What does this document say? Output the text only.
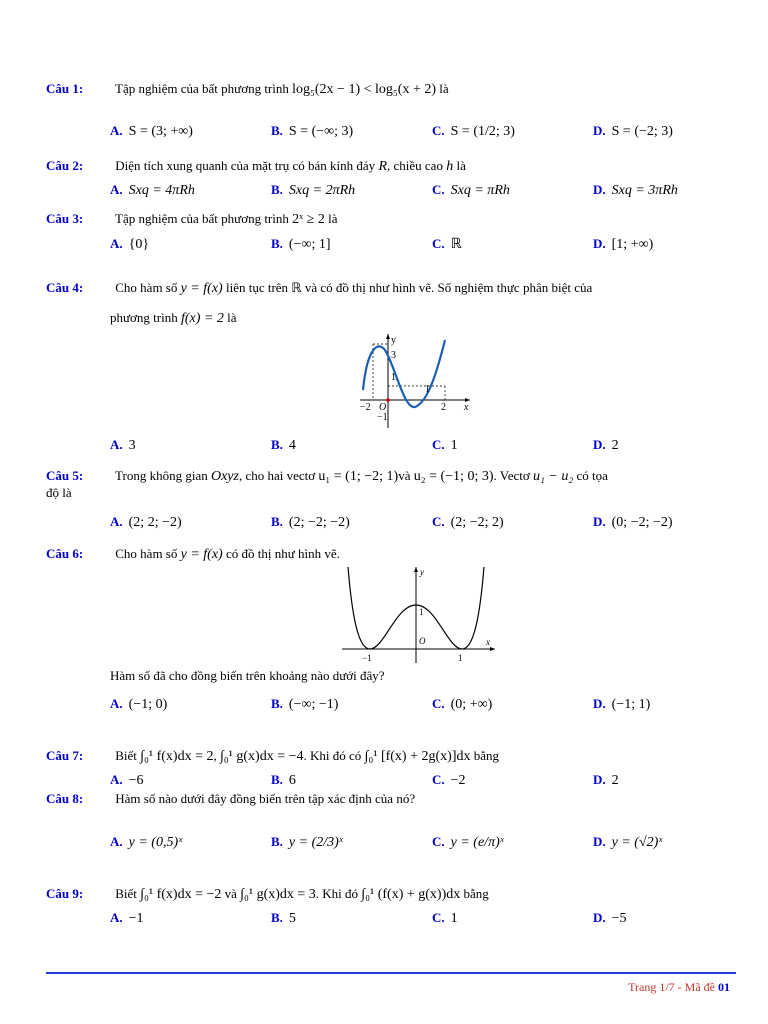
Câu 1: Tập nghiệm của bất phương trình log₅(2x − 1) < log₅(x + 2) là
A. S = (3; +∞)	B. S = (−∞; 3)	C. S = (1/2; 3)	D. S = (−2; 3)
Câu 2: Diện tích xung quanh của mặt trụ có bán kính đáy R, chiều cao h là
A. Sxq = 4πRh	B. Sxq = 2πRh	C. Sxq = πRh	D. Sxq = 3πRh
Câu 3: Tập nghiệm của bất phương trình 2ˣ ≥ 2 là
A. {0}	B. (−∞; 1]	C. ℝ	D. [1; +∞)
Câu 4: Cho hàm số y = f(x) liên tục trên ℝ và có đồ thị như hình vẽ. Số nghiệm thực phân biệt của
phương trình f(x) = 2 là
y
x
O
3
1
−1
−2	2
1
A. 3	B. 4	C. 1	D. 2
Câu 5: Trong không gian Oxyz, cho hai vectơ u₁ = (1; −2; 1)và u₂ = (−1; 0; 3). Vectơ u₁ − u₂ có tọa
độ là
A. (2; 2; −2)	B. (2; −2; −2)	C. (2; −2; 2)	D. (0; −2; −2)
Câu 6: Cho hàm số y = f(x) có đồ thị như hình vẽ.
y
x
O
1
−1	1
Hàm số đã cho đồng biến trên khoảng nào dưới đây?
A. (−1; 0)	B. (−∞; −1)	C. (0; +∞)	D. (−1; 1)
Câu 7: Biết ∫₀¹ f(x)dx = 2, ∫₀¹ g(x)dx = −4. Khi đó có ∫₀¹ [f(x) + 2g(x)]dx bằng
A. −6	B. 6	C. −2	D. 2
Câu 8: Hàm số nào dưới đây đồng biến trên tập xác định của nó?
A. y = (0,5)ˣ	B. y = (2/3)ˣ	C. y = (e/π)ˣ	D. y = (√2)ˣ
Câu 9: Biết ∫₀¹ f(x)dx = −2 và ∫₀¹ g(x)dx = 3. Khi đó ∫₀¹ (f(x) + g(x))dx bằng
A. −1	B. 5	C. 1	D. −5
Trang 1/7 - Mã đề 01
